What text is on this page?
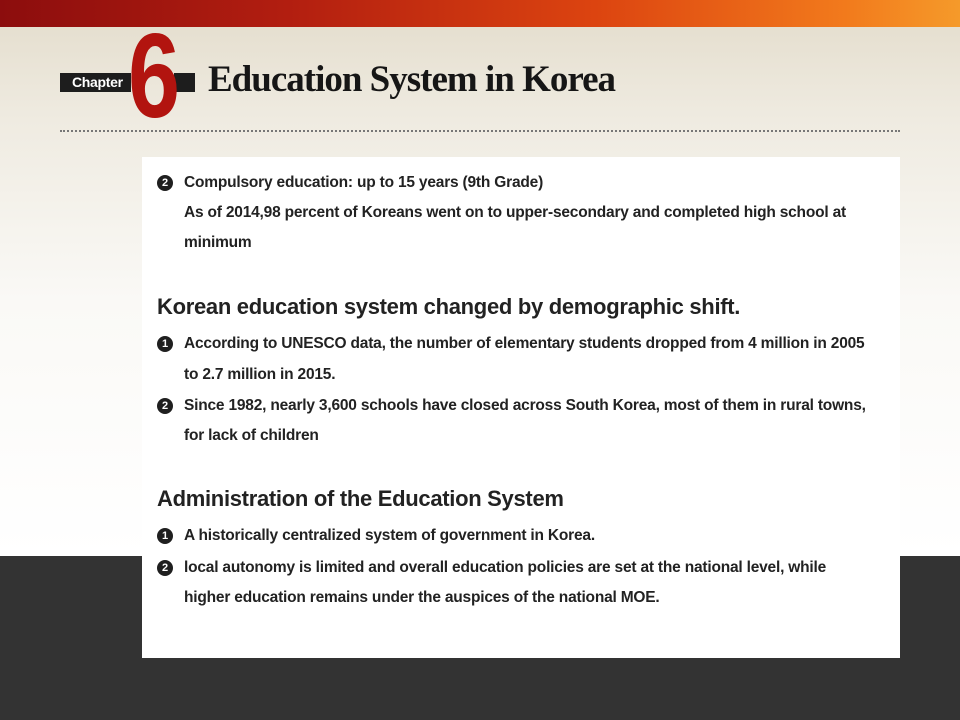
Chapter 6 Education System in Korea
2	Compulsory education: up to 15 years (9th Grade)
As of 2014,98 percent of Koreans went on to upper-secondary and completed high school at
minimum
Korean education system changed by demographic shift.
1	According to UNESCO data, the number of elementary students dropped from 4 million in 2005
to 2.7 million in 2015.
2	Since 1982, nearly 3,600 schools have closed across South Korea, most of them in rural towns,
for lack of children
Administration of the Education System
1	A historically centralized system of government in Korea.
2	local autonomy is limited and overall education policies are set at the national level, while
higher education remains under the auspices of the national MOE.
